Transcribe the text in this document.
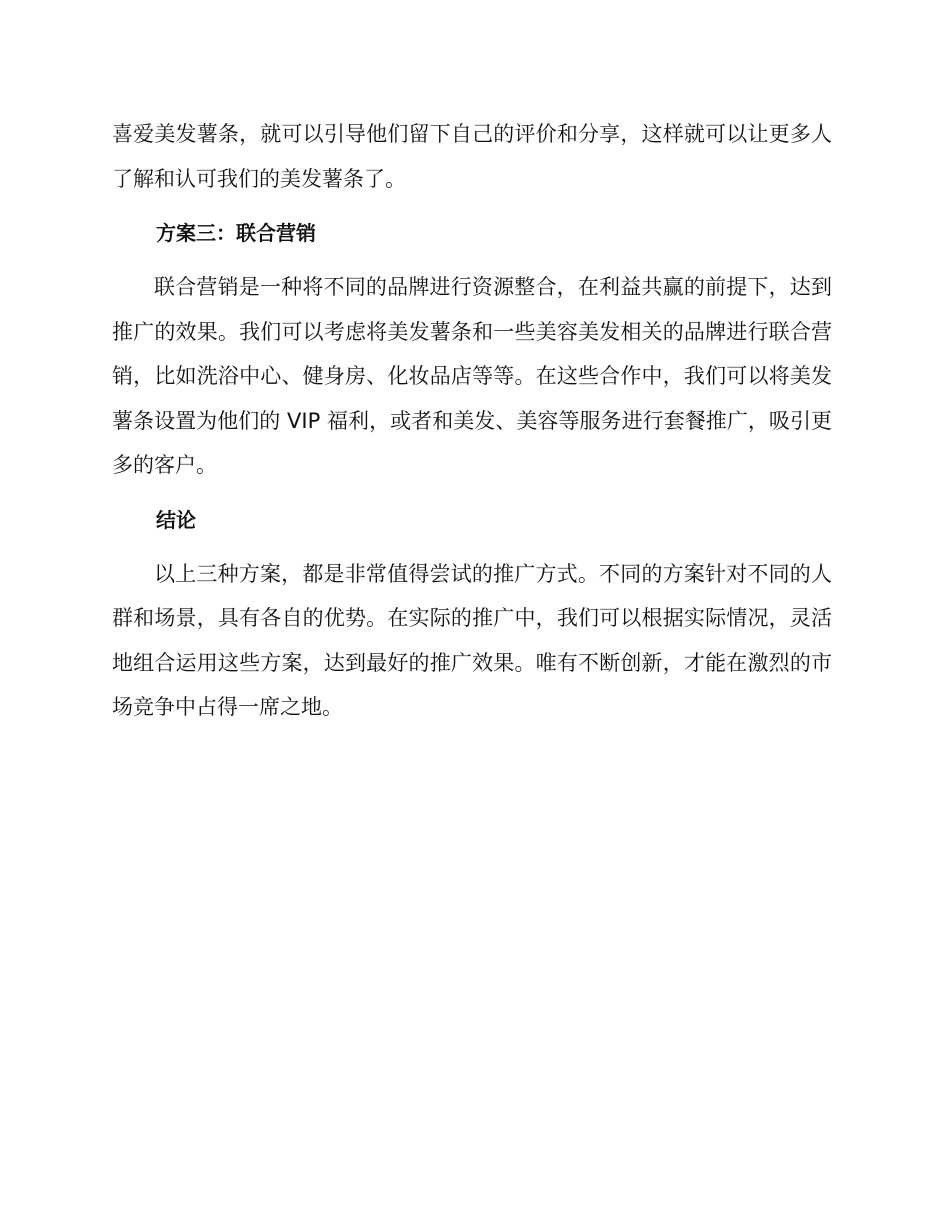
喜爱美发薯条，就可以引导他们留下自己的评价和分享，这样就可以让更多人了解和认可我们的美发薯条了。

方案三：联合营销

联合营销是一种将不同的品牌进行资源整合，在利益共赢的前提下，达到推广的效果。我们可以考虑将美发薯条和一些美容美发相关的品牌进行联合营销，比如洗浴中心、健身房、化妆品店等等。在这些合作中，我们可以将美发薯条设置为他们的 VIP 福利，或者和美发、美容等服务进行套餐推广，吸引更多的客户。

结论

以上三种方案，都是非常值得尝试的推广方式。不同的方案针对不同的人群和场景，具有各自的优势。在实际的推广中，我们可以根据实际情况，灵活地组合运用这些方案，达到最好的推广效果。唯有不断创新，才能在激烈的市场竞争中占得一席之地。
